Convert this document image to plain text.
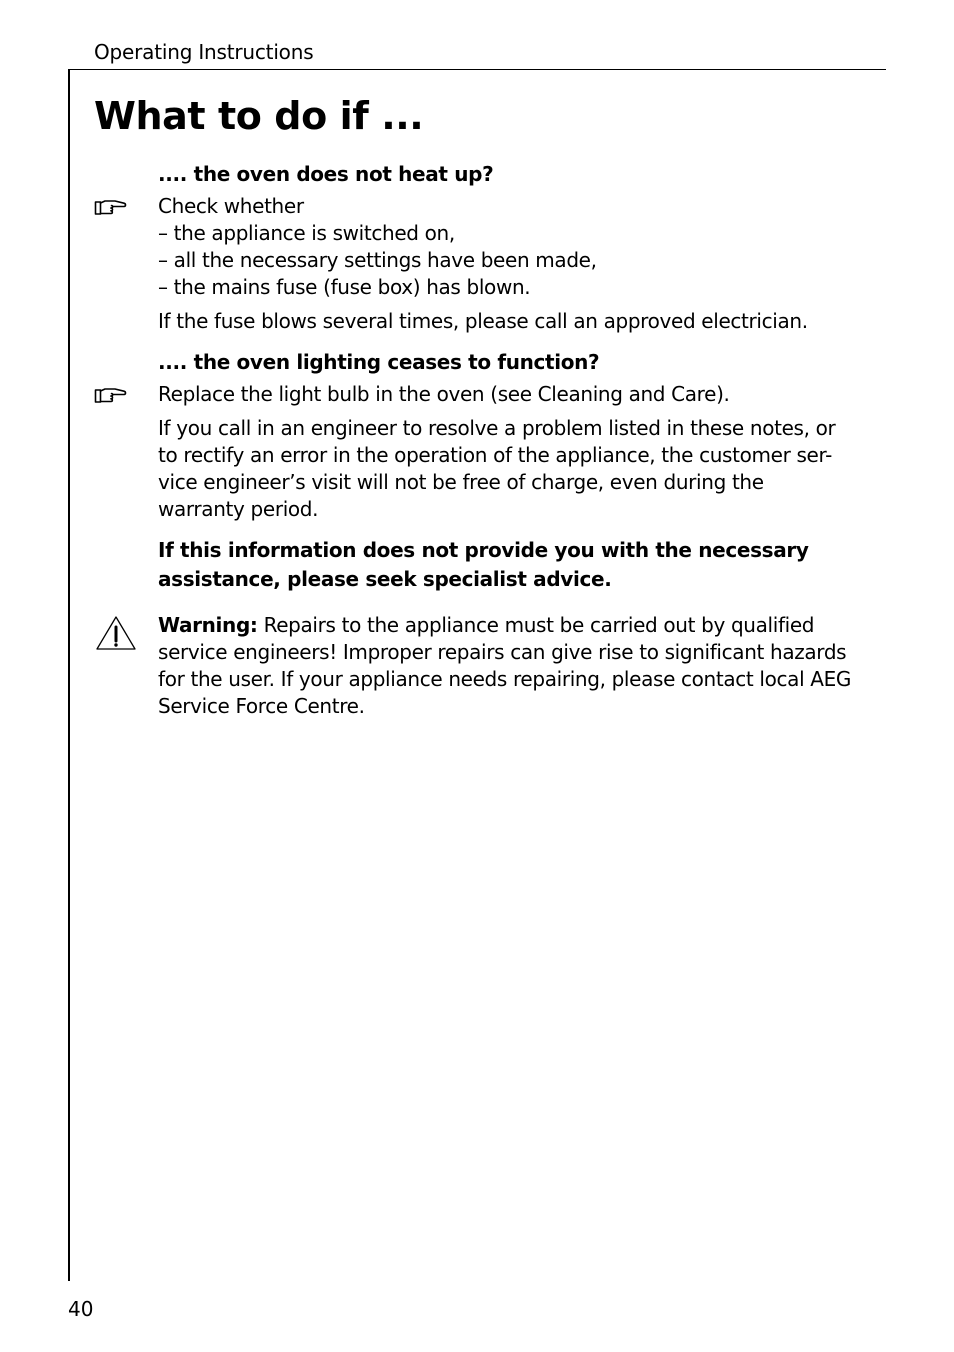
Operating Instructions
What to do if ...
.... the oven does not heat up?
Check whether
– the appliance is switched on,
– all the necessary settings have been made,
– the mains fuse (fuse box) has blown.
If the fuse blows several times, please call an approved electrician.
.... the oven lighting ceases to function?
Replace the light bulb in the oven (see Cleaning and Care).
If you call in an engineer to resolve a problem listed in these notes, or
to rectify an error in the operation of the appliance, the customer ser-
vice engineer’s visit will not be free of charge, even during the
warranty period.
If this information does not provide you with the necessary
assistance, please seek specialist advice.
Warning: Repairs to the appliance must be carried out by qualified
service engineers! Improper repairs can give rise to significant hazards
for the user. If your appliance needs repairing, please contact local AEG
Service Force Centre.
40
